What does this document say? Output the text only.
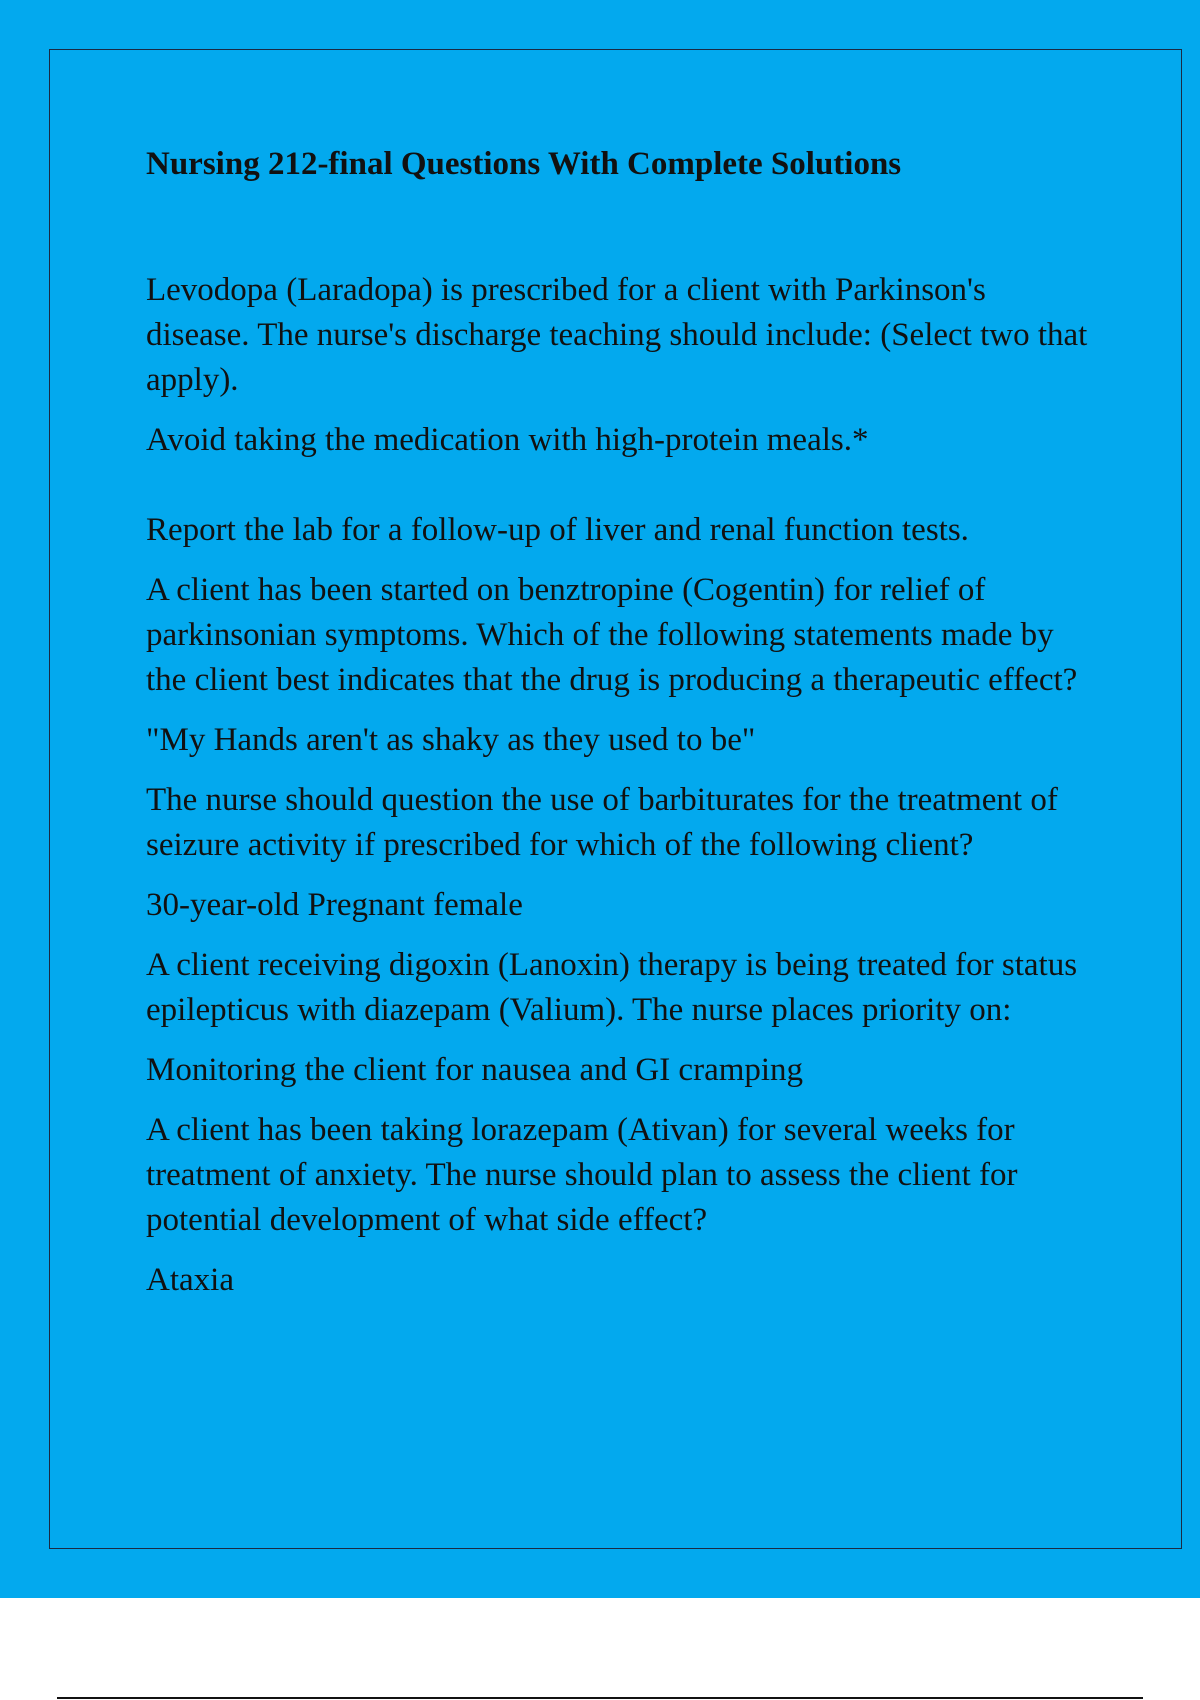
Nursing 212-final Questions With Complete Solutions

Levodopa (Laradopa) is prescribed for a client with Parkinson's disease. The nurse's discharge teaching should include: (Select two that apply).

Avoid taking the medication with high-protein meals.*

Report the lab for a follow-up of liver and renal function tests.

A client has been started on benztropine (Cogentin) for relief of parkinsonian symptoms. Which of the following statements made by the client best indicates that the drug is producing a therapeutic effect?

"My Hands aren't as shaky as they used to be"

The nurse should question the use of barbiturates for the treatment of seizure activity if prescribed for which of the following client?

30-year-old Pregnant female

A client receiving digoxin (Lanoxin) therapy is being treated for status epilepticus with diazepam (Valium). The nurse places priority on:

Monitoring the client for nausea and GI cramping

A client has been taking lorazepam (Ativan) for several weeks for treatment of anxiety. The nurse should plan to assess the client for potential development of what side effect?

Ataxia
